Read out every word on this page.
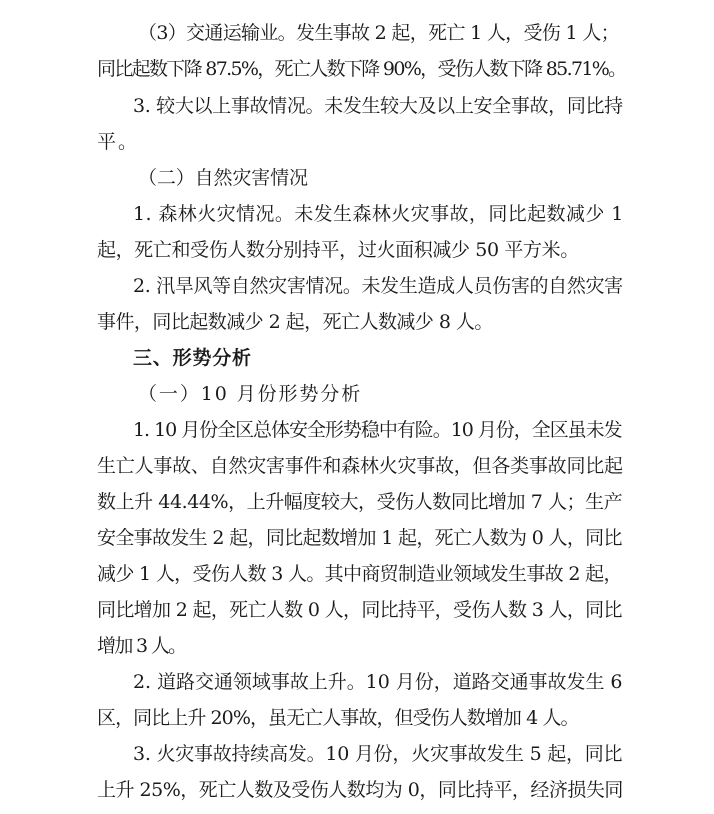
（3）交通运输业。发生事故 2 起，死亡 1 人，受伤 1 人；
同比起数下降 87.5%，死亡人数下降 90%，受伤人数下降 85.71%。
3. 较大以上事故情况。未发生较大及以上安全事故，同比持
平。
（二）自然灾害情况
1. 森林火灾情况。未发生森林火灾事故，同比起数减少 1
起，死亡和受伤人数分别持平，过火面积减少 50 平方米。
2. 汛旱风等自然灾害情况。未发生造成人员伤害的自然灾害
事件，同比起数减少 2 起，死亡人数减少 8 人。
三、形势分析
（一）10 月份形势分析
1. 10 月份全区总体安全形势稳中有险。10 月份，全区虽未发
生亡人事故、自然灾害事件和森林火灾事故，但各类事故同比起
数上升 44.44%，上升幅度较大，受伤人数同比增加 7 人；生产
安全事故发生 2 起，同比起数增加 1 起，死亡人数为 0 人，同比
减少 1 人，受伤人数 3 人。其中商贸制造业领域发生事故 2 起，
同比增加 2 起，死亡人数 0 人，同比持平，受伤人数 3 人，同比
增加 3 人。
2. 道路交通领域事故上升。10 月份，道路交通事故发生 6
区，同比上升 20%，虽无亡人事故，但受伤人数增加 4 人。
3. 火灾事故持续高发。10 月份，火灾事故发生 5 起，同比
上升 25%，死亡人数及受伤人数均为 0，同比持平，经济损失同
